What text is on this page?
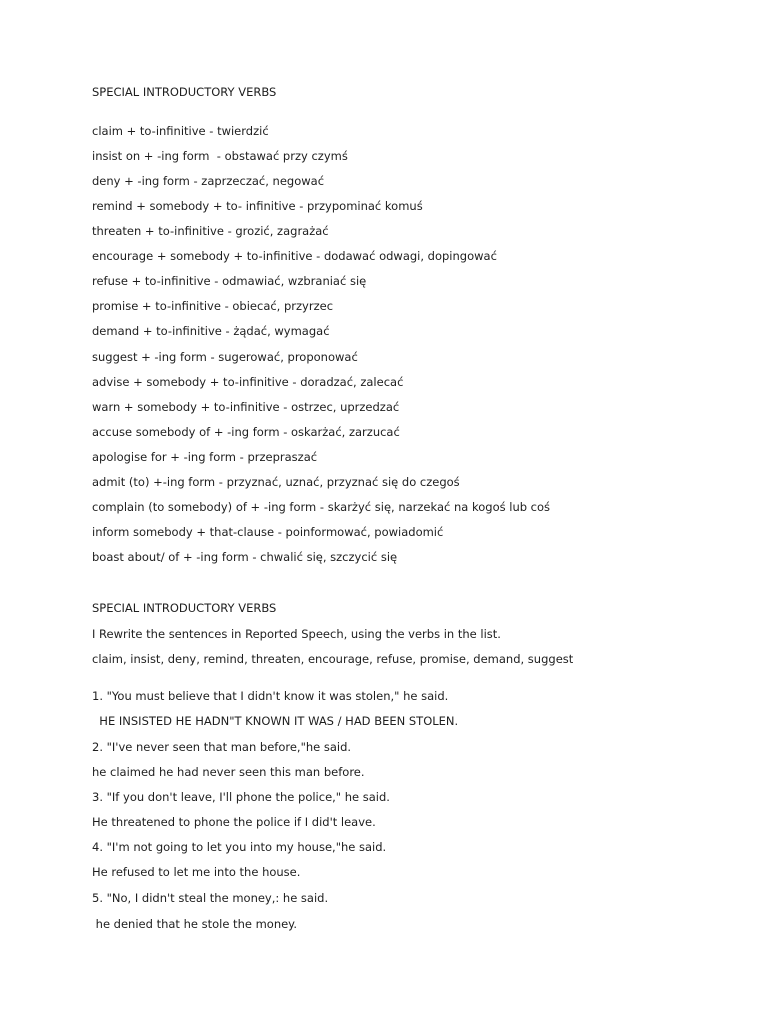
SPECIAL INTRODUCTORY VERBS

claim + to-infinitive - twierdzić

insist on + -ing form  - obstawać przy czymś

deny + -ing form - zaprzeczać, negować

remind + somebody + to- infinitive - przypominać komuś

threaten + to-infinitive - grozić, zagrażać

encourage + somebody + to-infinitive - dodawać odwagi, dopingować

refuse + to-infinitive - odmawiać, wzbraniać się

promise + to-infinitive - obiecać, przyrzec

demand + to-infinitive - żądać, wymagać

suggest + -ing form - sugerować, proponować

advise + somebody + to-infinitive - doradzać, zalecać

warn + somebody + to-infinitive - ostrzec, uprzedzać

accuse somebody of + -ing form - oskarżać, zarzucać

apologise for + -ing form - przepraszać

admit (to) +-ing form - przyznać, uznać, przyznać się do czegoś

complain (to somebody) of + -ing form - skarżyć się, narzekać na kogoś lub coś

inform somebody + that-clause - poinformować, powiadomić

boast about/ of + -ing form - chwalić się, szczycić się

SPECIAL INTRODUCTORY VERBS

I Rewrite the sentences in Reported Speech, using the verbs in the list.

claim, insist, deny, remind, threaten, encourage, refuse, promise, demand, suggest

1. "You must believe that I didn't know it was stolen," he said.

HE INSISTED HE HADN"T KNOWN IT WAS / HAD BEEN STOLEN.

2. "I've never seen that man before,"he said.

he claimed he had never seen this man before.

3. "If you don't leave, I'll phone the police," he said.

He threatened to phone the police if I did't leave.

4. "I'm not going to let you into my house,"he said.

He refused to let me into the house.

5. "No, I didn't steal the money,: he said.

he denied that he stole the money.
